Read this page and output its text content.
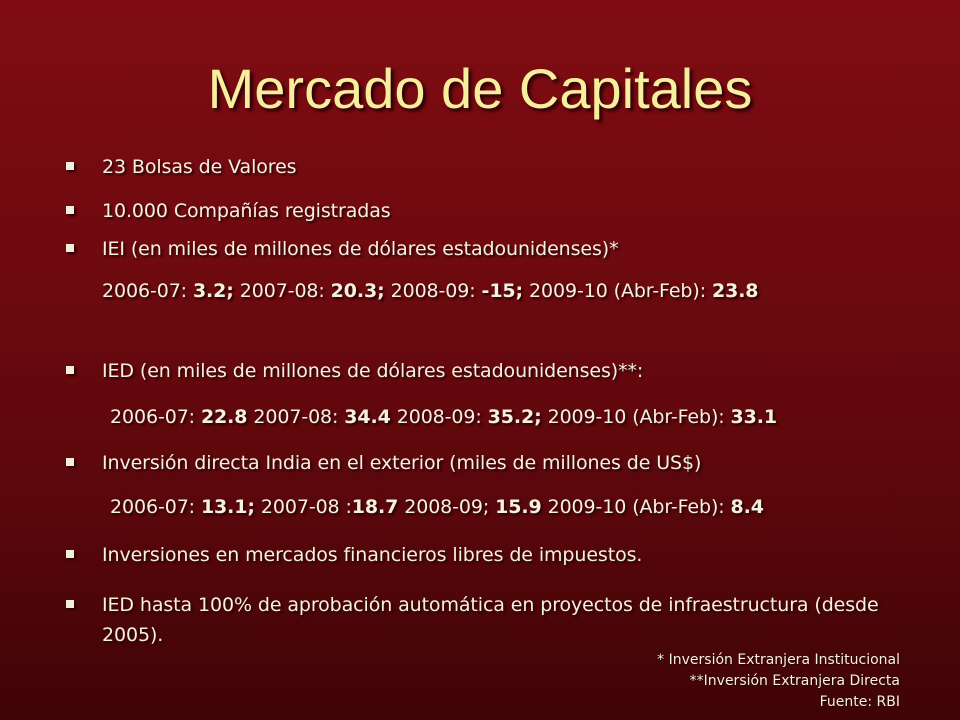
Mercado de Capitales
23 Bolsas de Valores
10.000 Compañías registradas
IEI (en miles de millones de dólares estadounidenses)*
2006-07: 3.2; 2007-08: 20.3; 2008-09: -15; 2009-10 (Abr-Feb): 23.8
IED (en miles de millones de dólares estadounidenses)**:
2006-07: 22.8 2007-08: 34.4 2008-09: 35.2; 2009-10 (Abr-Feb): 33.1
Inversión directa India en el exterior (miles de millones de US$)
2006-07: 13.1; 2007-08 :18.7 2008-09; 15.9 2009-10 (Abr-Feb): 8.4
Inversiones en mercados financieros libres de impuestos.
IED hasta 100% de aprobación automática en proyectos de infraestructura (desde 2005).
* Inversión Extranjera Institucional
**Inversión Extranjera Directa
Fuente: RBI
